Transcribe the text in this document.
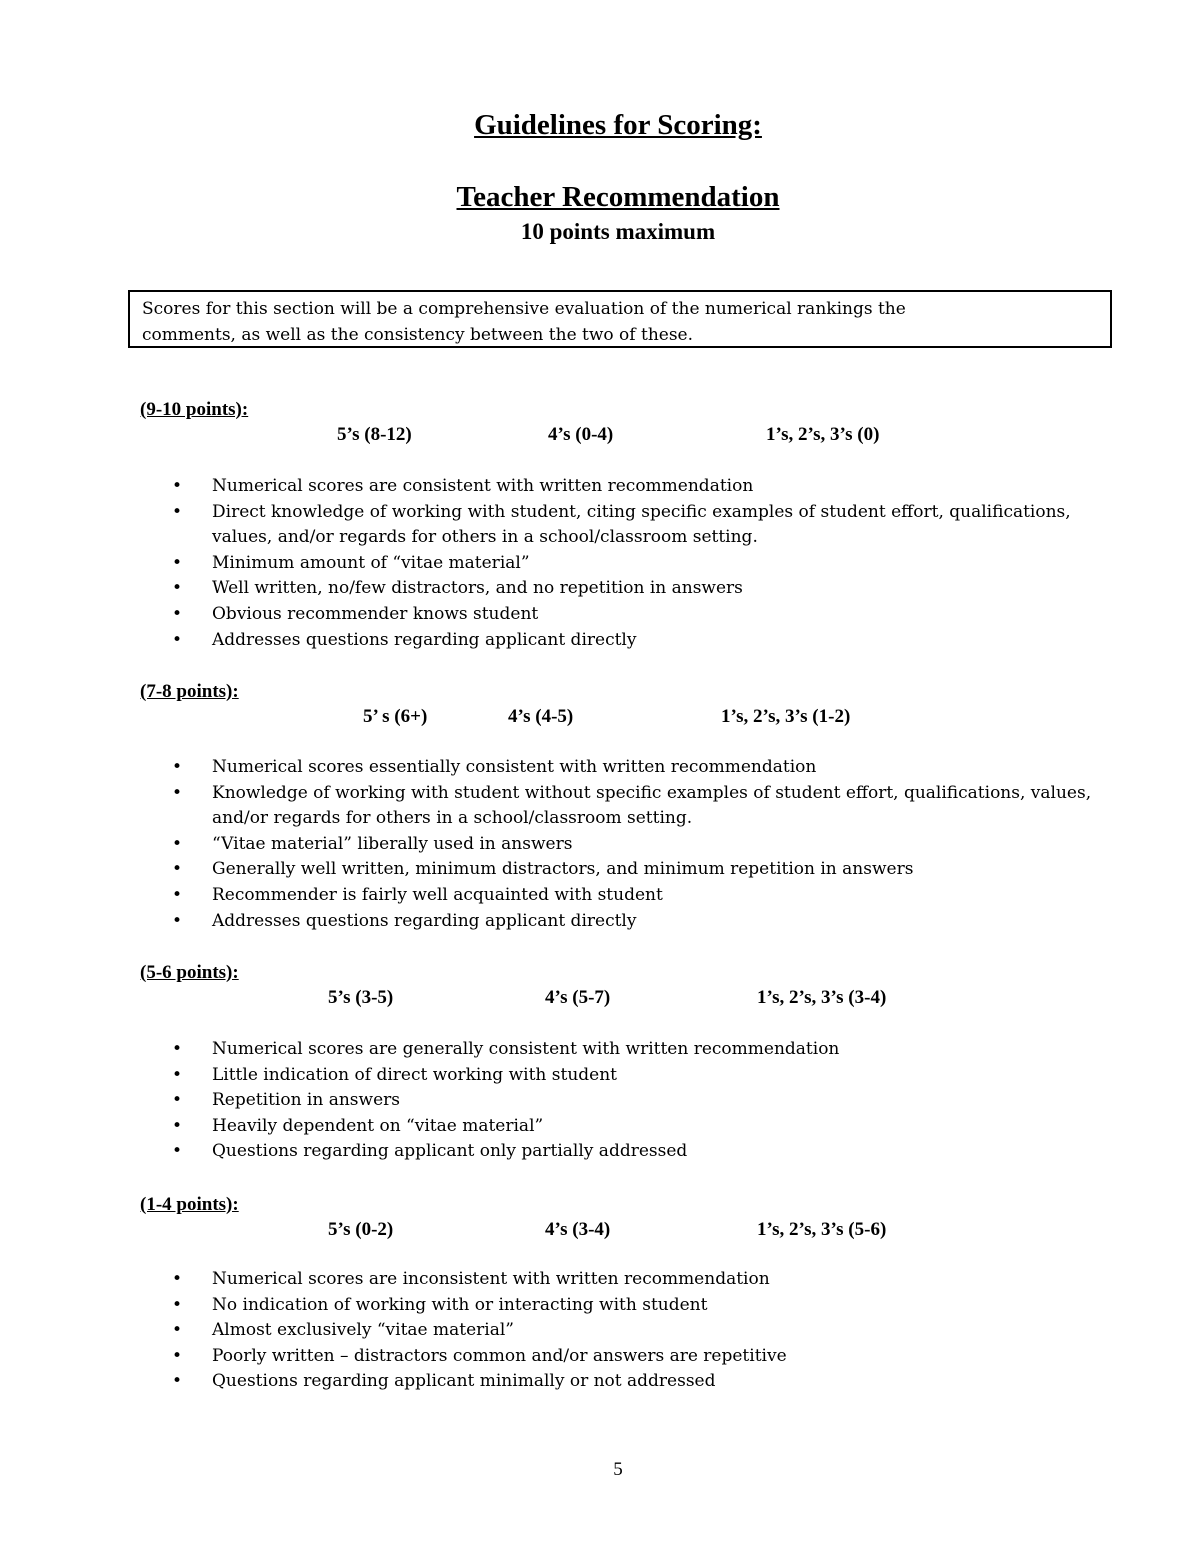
Guidelines for Scoring:
Teacher Recommendation
10 points maximum
Scores for this section will be a comprehensive evaluation of the numerical rankings the
comments, as well as the consistency between the two of these.
(9-10 points):
5’s (8-12)	4’s (0-4)	1’s, 2’s, 3’s (0)
• Numerical scores are consistent with written recommendation
• Direct knowledge of working with student, citing specific examples of student effort, qualifications, values, and/or regards for others in a school/classroom setting.
• Minimum amount of “vitae material”
• Well written, no/few distractors, and no repetition in answers
• Obvious recommender knows student
• Addresses questions regarding applicant directly
(7-8 points):
5’ s (6+)	4’s (4-5)	1’s, 2’s, 3’s (1-2)
• Numerical scores essentially consistent with written recommendation
• Knowledge of working with student without specific examples of student effort, qualifications, values, and/or regards for others in a school/classroom setting.
• “Vitae material” liberally used in answers
• Generally well written, minimum distractors, and minimum repetition in answers
• Recommender is fairly well acquainted with student
• Addresses questions regarding applicant directly
(5-6 points):
5’s (3-5)	4’s (5-7)	1’s, 2’s, 3’s (3-4)
• Numerical scores are generally consistent with written recommendation
• Little indication of direct working with student
• Repetition in answers
• Heavily dependent on “vitae material”
• Questions regarding applicant only partially addressed
(1-4 points):
5’s (0-2)	4’s (3-4)	1’s, 2’s, 3’s (5-6)
• Numerical scores are inconsistent with written recommendation
• No indication of working with or interacting with student
• Almost exclusively “vitae material”
• Poorly written – distractors common and/or answers are repetitive
• Questions regarding applicant minimally or not addressed
5
